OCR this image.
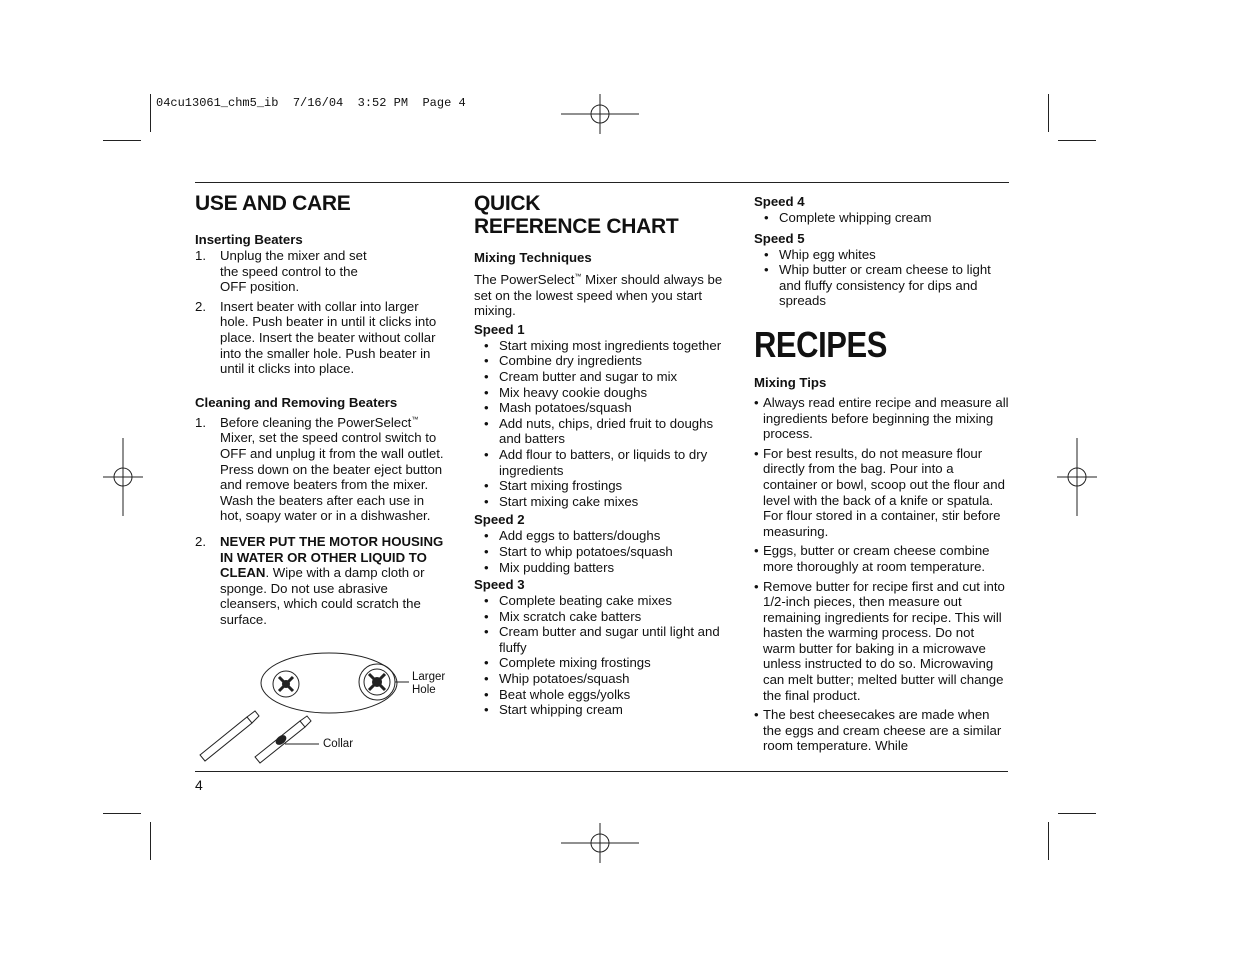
04cu13061_chm5_ib 7/16/04 3:52 PM Page 4
USE AND CARE
Inserting Beaters
1. Unplug the mixer and set the speed control to the OFF position.
2. Insert beater with collar into larger hole. Push beater in until it clicks into place. Insert the beater without collar into the smaller hole. Push beater in until it clicks into place.
Cleaning and Removing Beaters
1. Before cleaning the PowerSelect™ Mixer, set the speed control switch to OFF and unplug it from the wall outlet. Press down on the beater eject button and remove beaters from the mixer. Wash the beaters after each use in hot, soapy water or in a dishwasher.
2. NEVER PUT THE MOTOR HOUSING IN WATER OR OTHER LIQUID TO CLEAN. Wipe with a damp cloth or sponge. Do not use abrasive cleansers, which could scratch the surface.
Larger
Hole
Collar
QUICK
REFERENCE CHART
Mixing Techniques

The PowerSelect™ Mixer should always be set on the lowest speed when you start mixing.

Speed 1
• Start mixing most ingredients together
• Combine dry ingredients
• Cream butter and sugar to mix
• Mix heavy cookie doughs
• Mash potatoes/squash
• Add nuts, chips, dried fruit to doughs and batters
• Add flour to batters, or liquids to dry ingredients
• Start mixing frostings
• Start mixing cake mixes
Speed 2
• Add eggs to batters/doughs
• Start to whip potatoes/squash
• Mix pudding batters
Speed 3
• Complete beating cake mixes
• Mix scratch cake batters
• Cream butter and sugar until light and fluffy
• Complete mixing frostings
• Whip potatoes/squash
• Beat whole eggs/yolks
• Start whipping cream
Speed 4
• Complete whipping cream
Speed 5
• Whip egg whites
• Whip butter or cream cheese to light and fluffy consistency for dips and spreads
RECIPES
Mixing Tips
• Always read entire recipe and measure all ingredients before beginning the mixing process.
• For best results, do not measure flour directly from the bag. Pour into a container or bowl, scoop out the flour and level with the back of a knife or spatula. For flour stored in a container, stir before measuring.
• Eggs, butter or cream cheese combine more thoroughly at room temperature.
• Remove butter for recipe first and cut into 1/2-inch pieces, then measure out remaining ingredients for recipe. This will hasten the warming process. Do not warm butter for baking in a microwave unless instructed to do so. Microwaving can melt butter; melted butter will change the final product.
• The best cheesecakes are made when the eggs and cream cheese are a similar room temperature. While
4
